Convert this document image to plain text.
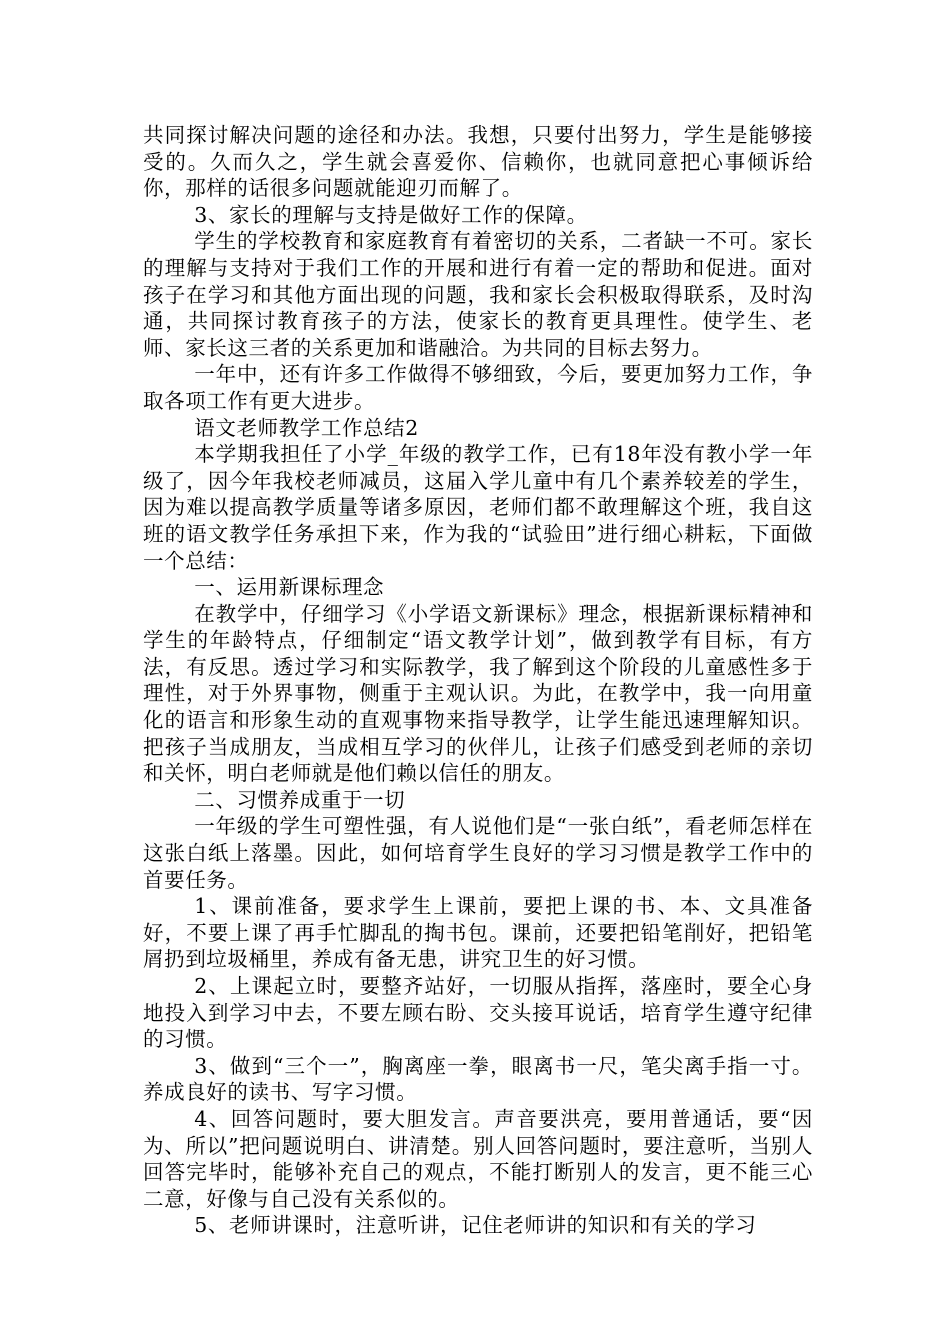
共同探讨解决问题的途径和办法。我想，只要付出努力，学生是能够接受的。久而久之，学生就会喜爱你、信赖你，也就同意把心事倾诉给你，那样的话很多问题就能迎刃而解了。

3、家长的理解与支持是做好工作的保障。

学生的学校教育和家庭教育有着密切的关系，二者缺一不可。家长的理解与支持对于我们工作的开展和进行有着一定的帮助和促进。面对孩子在学习和其他方面出现的问题，我和家长会积极取得联系，及时沟通，共同探讨教育孩子的方法，使家长的教育更具理性。使学生、老师、家长这三者的关系更加和谐融洽。为共同的目标去努力。

一年中，还有许多工作做得不够细致，今后，要更加努力工作，争取各项工作有更大进步。

语文老师教学工作总结2

本学期我担任了小学_年级的教学工作，已有18年没有教小学一年级了，因今年我校老师减员，这届入学儿童中有几个素养较差的学生，因为难以提高教学质量等诸多原因，老师们都不敢理解这个班，我自这班的语文教学任务承担下来，作为我的“试验田”进行细心耕耘，下面做一个总结：

一、运用新课标理念

在教学中，仔细学习《小学语文新课标》理念，根据新课标精神和学生的年龄特点，仔细制定“语文教学计划”，做到教学有目标，有方法，有反思。透过学习和实际教学，我了解到这个阶段的儿童感性多于理性，对于外界事物，侧重于主观认识。为此，在教学中，我一向用童化的语言和形象生动的直观事物来指导教学，让学生能迅速理解知识。把孩子当成朋友，当成相互学习的伙伴儿，让孩子们感受到老师的亲切和关怀，明白老师就是他们赖以信任的朋友。

二、习惯养成重于一切

一年级的学生可塑性强，有人说他们是“一张白纸”，看老师怎样在这张白纸上落墨。因此，如何培育学生良好的学习习惯是教学工作中的首要任务。

1、课前准备，要求学生上课前，要把上课的书、本、文具准备好，不要上课了再手忙脚乱的掏书包。课前，还要把铅笔削好，把铅笔屑扔到垃圾桶里，养成有备无患，讲究卫生的好习惯。

2、上课起立时，要整齐站好，一切服从指挥，落座时，要全心身地投入到学习中去，不要左顾右盼、交头接耳说话，培育学生遵守纪律的习惯。

3、做到“三个一”，胸离座一拳，眼离书一尺，笔尖离手指一寸。养成良好的读书、写字习惯。

4、回答问题时，要大胆发言。声音要洪亮，要用普通话，要“因为、所以”把问题说明白、讲清楚。别人回答问题时，要注意听，当别人回答完毕时，能够补充自己的观点，不能打断别人的发言，更不能三心二意，好像与自己没有关系似的。

5、老师讲课时，注意听讲，记住老师讲的知识和有关的学习
